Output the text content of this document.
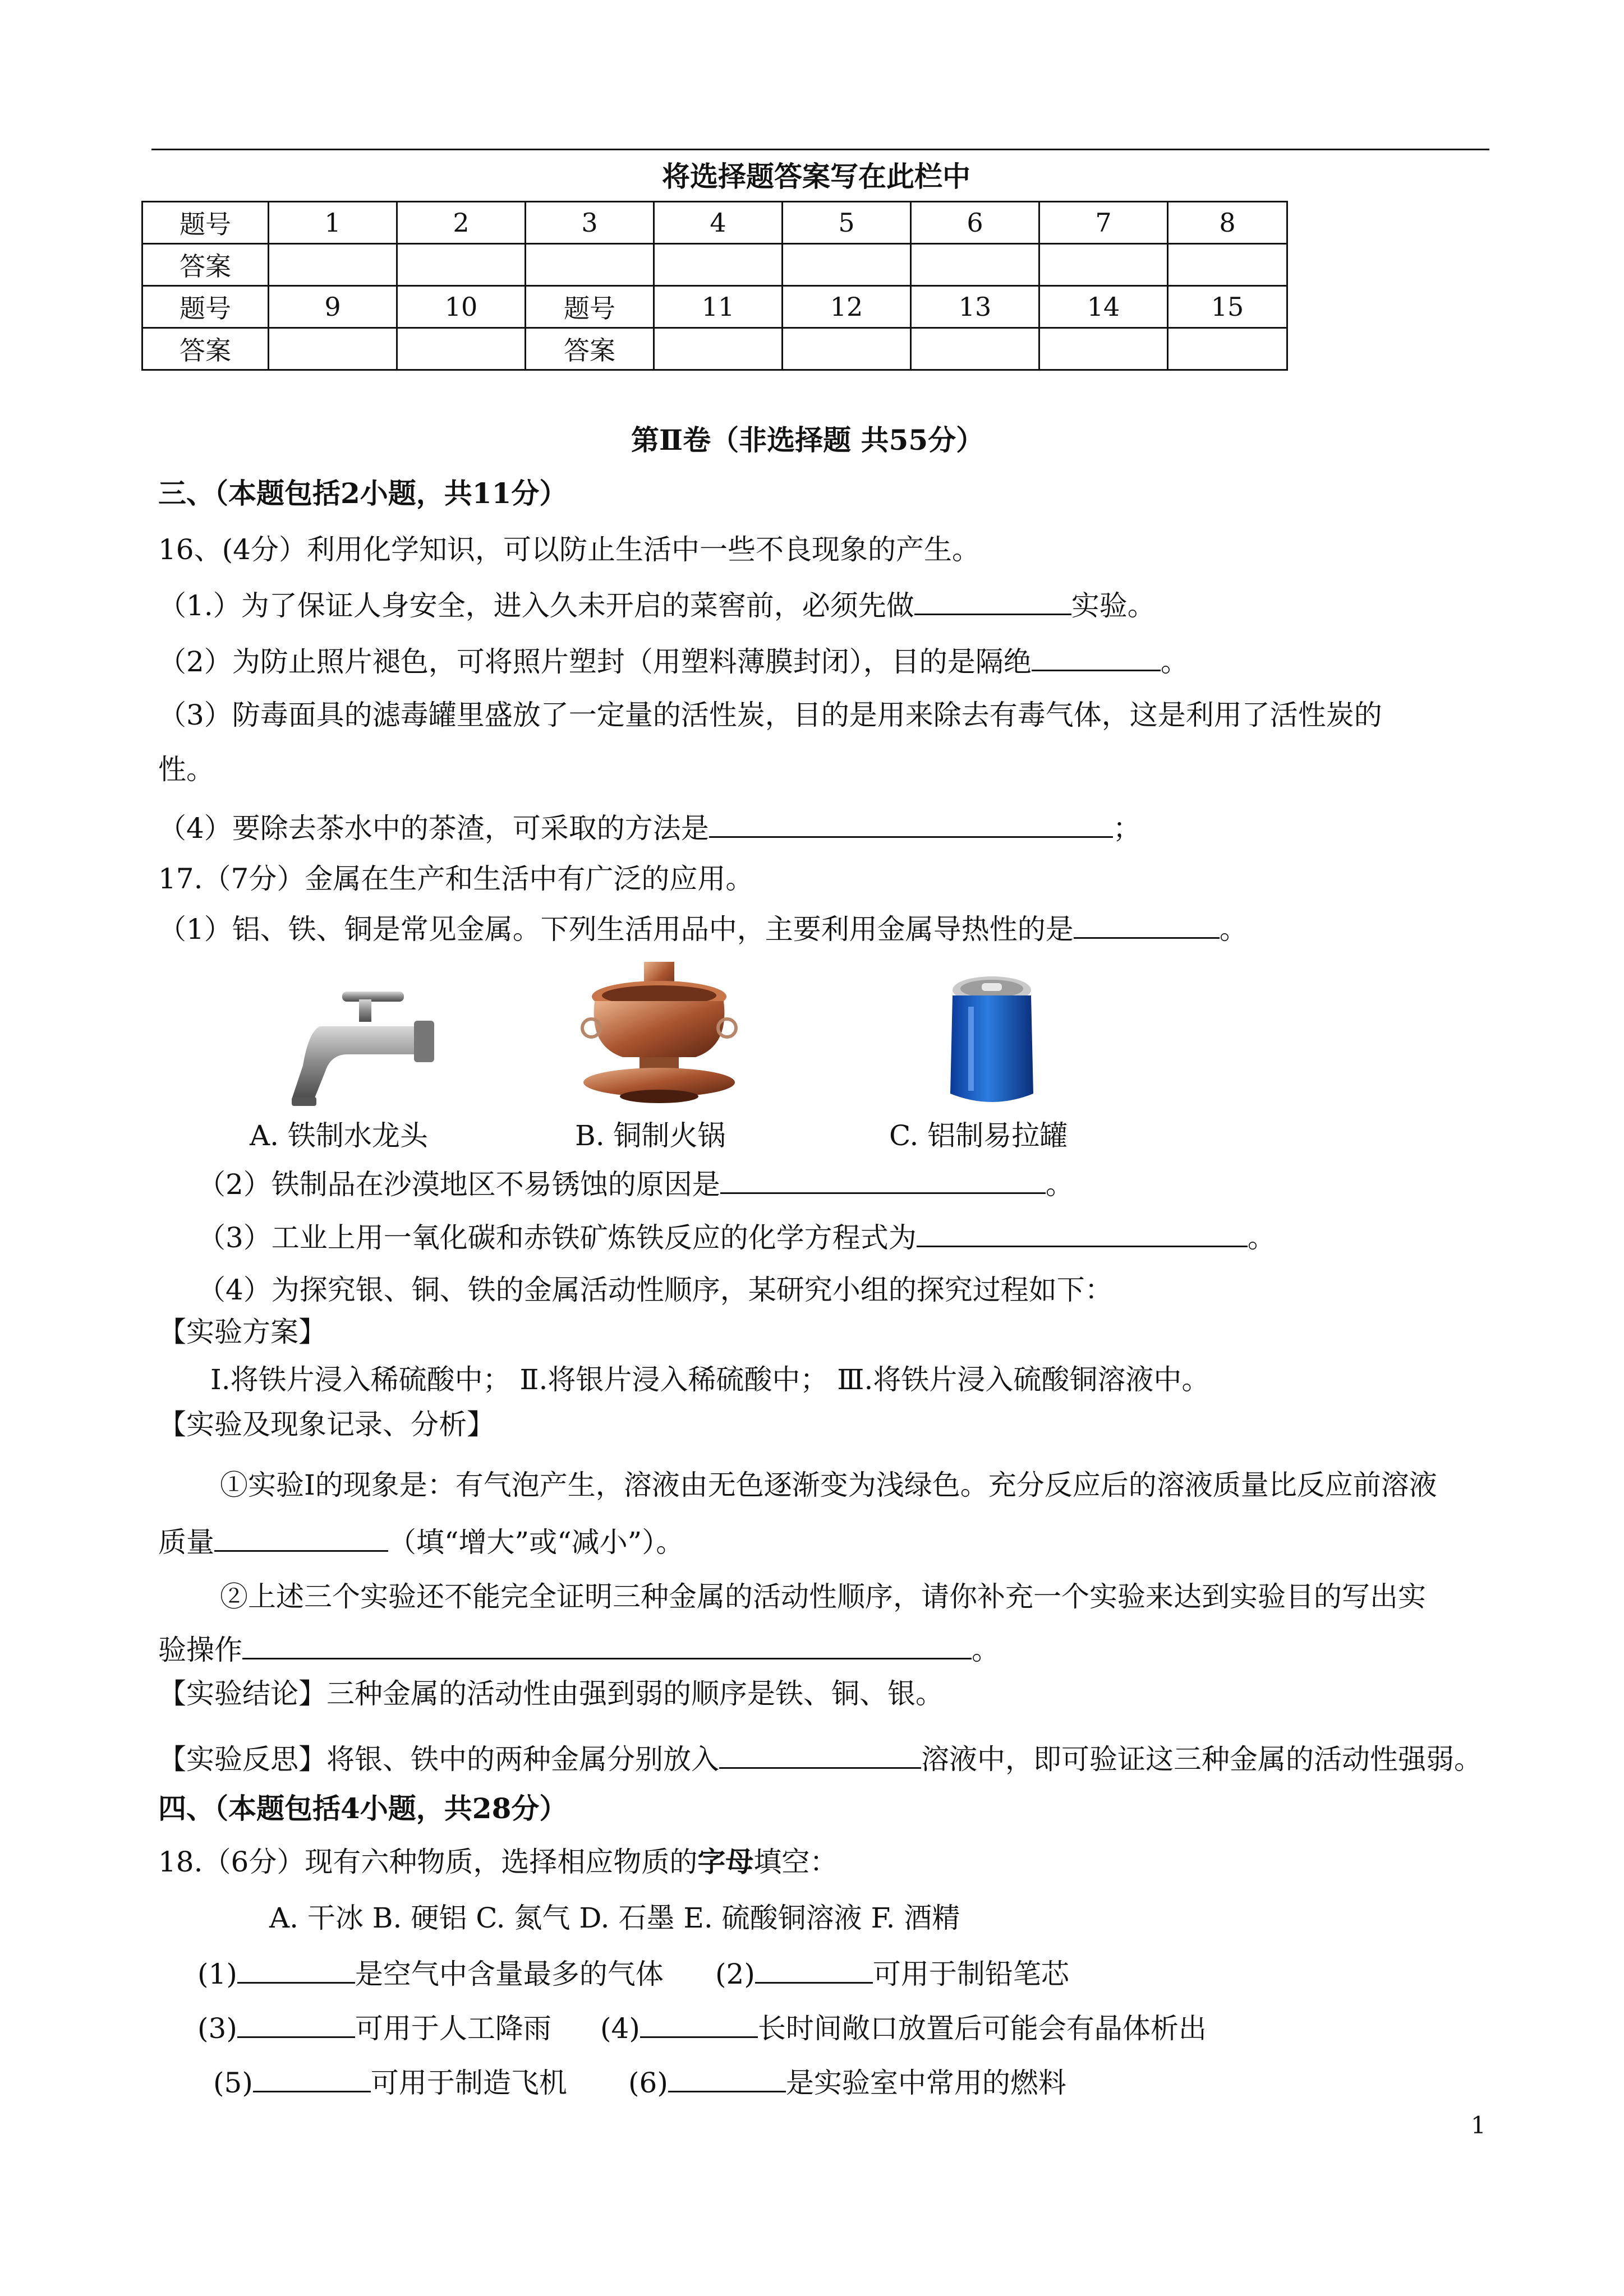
将选择题答案写在此栏中
题号	1	2	3	4	5	6	7	8
答案								
题号	9	10	题号	11	12	13	14	15
答案			答案					
第Ⅱ卷（非选择题 共55分）
三、（本题包括2小题，共11分）
16、(4分）利用化学知识，可以防止生活中一些不良现象的产生。
（1.）为了保证人身安全，进入久未开启的菜窖前，必须先做	实验。
（2）为防止照片褪色，可将照片塑封（用塑料薄膜封闭），目的是隔绝	。
（3）防毒面具的滤毒罐里盛放了一定量的活性炭，目的是用来除去有毒气体，这是利用了活性炭的
性。
（4）要除去茶水中的茶渣，可采取的方法是	；
17.（7分）金属在生产和生活中有广泛的应用。
（1）铝、铁、铜是常见金属。下列生活用品中，主要利用金属导热性的是	。
A. 铁制水龙头	B. 铜制火锅	C. 铝制易拉罐
（2）铁制品在沙漠地区不易锈蚀的原因是	。
（3）工业上用一氧化碳和赤铁矿炼铁反应的化学方程式为	。
（4）为探究银、铜、铁的金属活动性顺序，某研究小组的探究过程如下：
【实验方案】
Ⅰ.将铁片浸入稀硫酸中； Ⅱ.将银片浸入稀硫酸中； Ⅲ.将铁片浸入硫酸铜溶液中。
【实验及现象记录、分析】
①实验Ⅰ的现象是：有气泡产生，溶液由无色逐渐变为浅绿色。充分反应后的溶液质量比反应前溶液
质量	（填“增大”或“减小”）。
②上述三个实验还不能完全证明三种金属的活动性顺序，请你补充一个实验来达到实验目的写出实
验操作	。
【实验结论】三种金属的活动性由强到弱的顺序是铁、铜、银。
【实验反思】将银、铁中的两种金属分别放入	溶液中，即可验证这三种金属的活动性强弱。
四、（本题包括4小题，共28分）
18.（6分）现有六种物质，选择相应物质的字母填空：
A. 干冰 B. 硬铝 C. 氮气 D. 石墨 E. 硫酸铜溶液 F. 酒精
(1)	是空气中含量最多的气体 (2)	可用于制铅笔芯
(3)	可用于人工降雨 (4)	长时间敞口放置后可能会有晶体析出
(5)	可用于制造飞机 (6)	是实验室中常用的燃料
1
